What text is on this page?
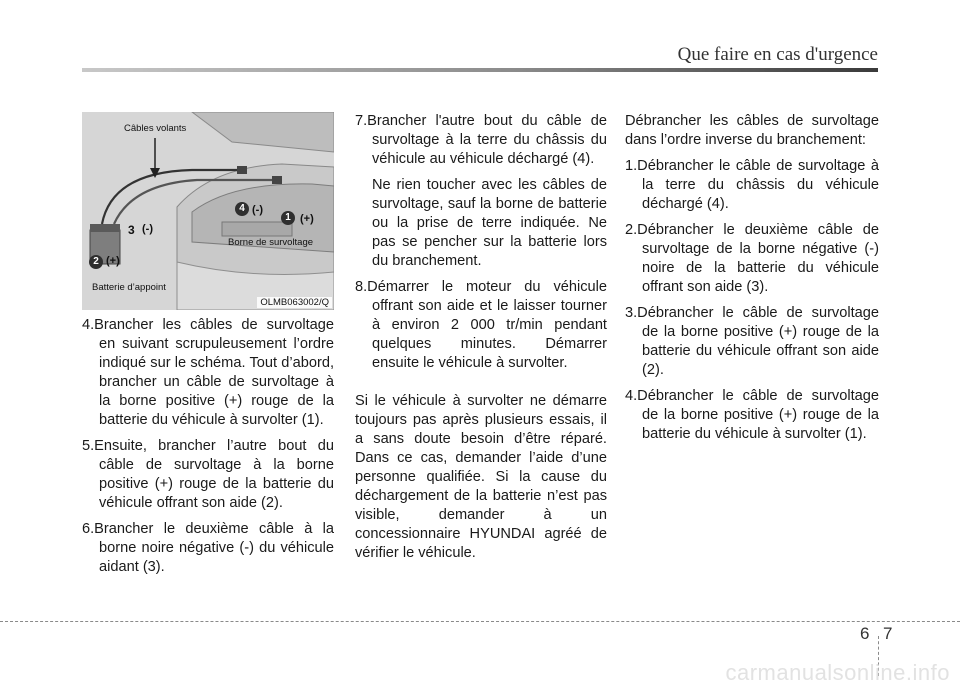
Que faire en cas d'urgence
Câbles volants
Borne de survoltage
Batterie d’appoint
1
2
3
4
(-)
(-)
(+)
(+)
OLMB063002/Q
4.Brancher les câbles de survoltage en suivant scrupuleusement l’ordre indiqué sur le schéma. Tout d’abord, brancher un câble de survoltage à la borne positive (+) rouge de la batterie du véhicule à survolter (1).
5.Ensuite, brancher l’autre bout du câble de survoltage à la borne positive (+) rouge de la batterie du véhicule offrant son aide (2).
6.Brancher le deuxième câble à la borne noire négative (-) du véhicule aidant (3).
7.Brancher l'autre bout du câble de survoltage à la terre du châssis du véhicule au véhicule déchargé (4).
Ne rien toucher avec les câbles de survoltage, sauf la borne de batterie ou la prise de terre indiquée. Ne pas se pencher sur la batterie lors du branchement.
8.Démarrer le moteur du véhicule offrant son aide et le laisser tourner à environ 2 000 tr/min pendant quelques minutes. Démarrer ensuite le véhicule à survolter.
Si le véhicule à survolter ne démarre toujours pas après plusieurs essais, il a sans doute besoin d’être réparé. Dans ce cas, demander l’aide d’une personne qualifiée. Si la cause du déchargement de la batterie n’est pas visible, demander à un concessionnaire HYUNDAI agréé de vérifier le véhicule.
Débrancher les câbles de survoltage dans l’ordre inverse du branchement:
1.Débrancher le câble de survoltage à la terre du châssis du véhicule déchargé (4).
2.Débrancher le deuxième câble de survoltage de la borne négative (-) noire de la batterie du véhicule offrant son aide (3).
3.Débrancher le câble de survoltage de la borne positive (+) rouge de la batterie du véhicule offrant son aide (2).
4.Débrancher le câble de survoltage de la borne positive (+) rouge de la batterie du véhicule à survolter (1).
6 7
carmanualsonline.info
